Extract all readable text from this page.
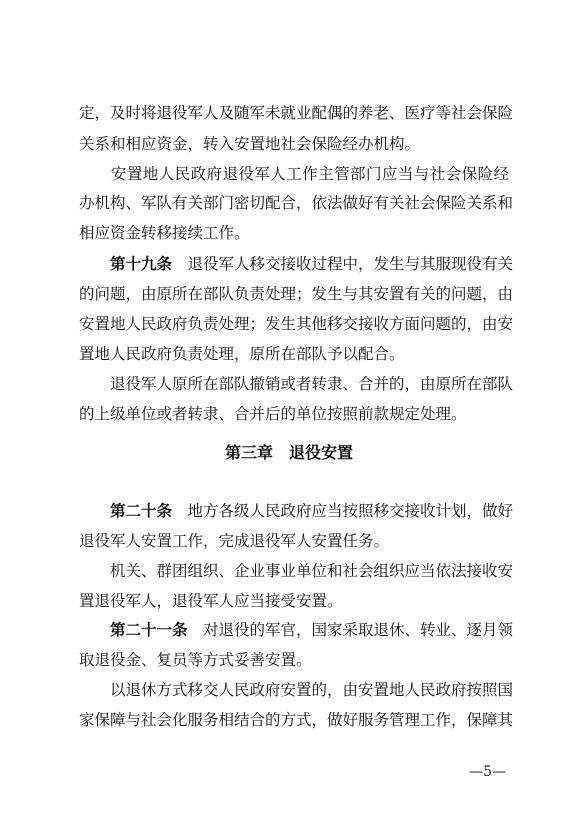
定，及时将退役军人及随军未就业配偶的养老、医疗等社会保险
关系和相应资金，转入安置地社会保险经办机构。
　　安置地人民政府退役军人工作主管部门应当与社会保险经
办机构、军队有关部门密切配合，依法做好有关社会保险关系和
相应资金转移接续工作。
　　第十九条　退役军人移交接收过程中，发生与其服现役有关
的问题，由原所在部队负责处理；发生与其安置有关的问题，由
安置地人民政府负责处理；发生其他移交接收方面问题的，由安
置地人民政府负责处理，原所在部队予以配合。
　　退役军人原所在部队撤销或者转隶、合并的，由原所在部队
的上级单位或者转隶、合并后的单位按照前款规定处理。
第三章　退役安置
　　第二十条　地方各级人民政府应当按照移交接收计划，做好
退役军人安置工作，完成退役军人安置任务。
　　机关、群团组织、企业事业单位和社会组织应当依法接收安
置退役军人，退役军人应当接受安置。
　　第二十一条　对退役的军官，国家采取退休、转业、逐月领
取退役金、复员等方式妥善安置。
　　以退休方式移交人民政府安置的，由安置地人民政府按照国
家保障与社会化服务相结合的方式，做好服务管理工作，保障其
—5—
